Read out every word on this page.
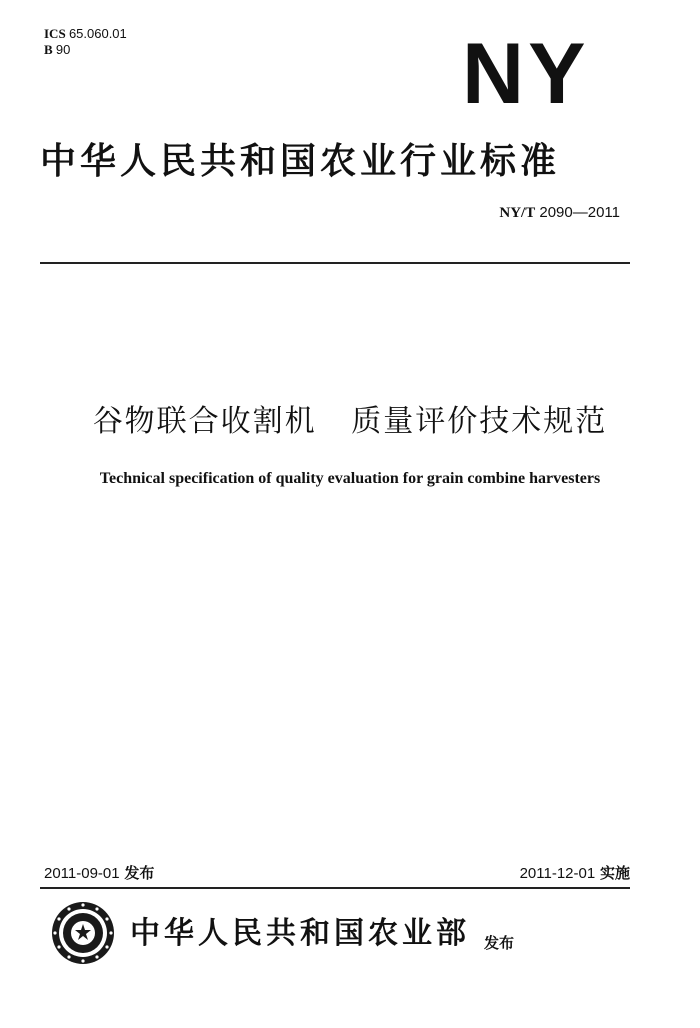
ICS 65.060.01
B 90	NY
中华人民共和国农业行业标准
NY/T 2090—2011
谷物联合收割机   质量评价技术规范
Technical specification of quality evaluation for grain combine harvesters
2011-09-01 发布	2011-12-01 实施
中华人民共和国农业部 发布
